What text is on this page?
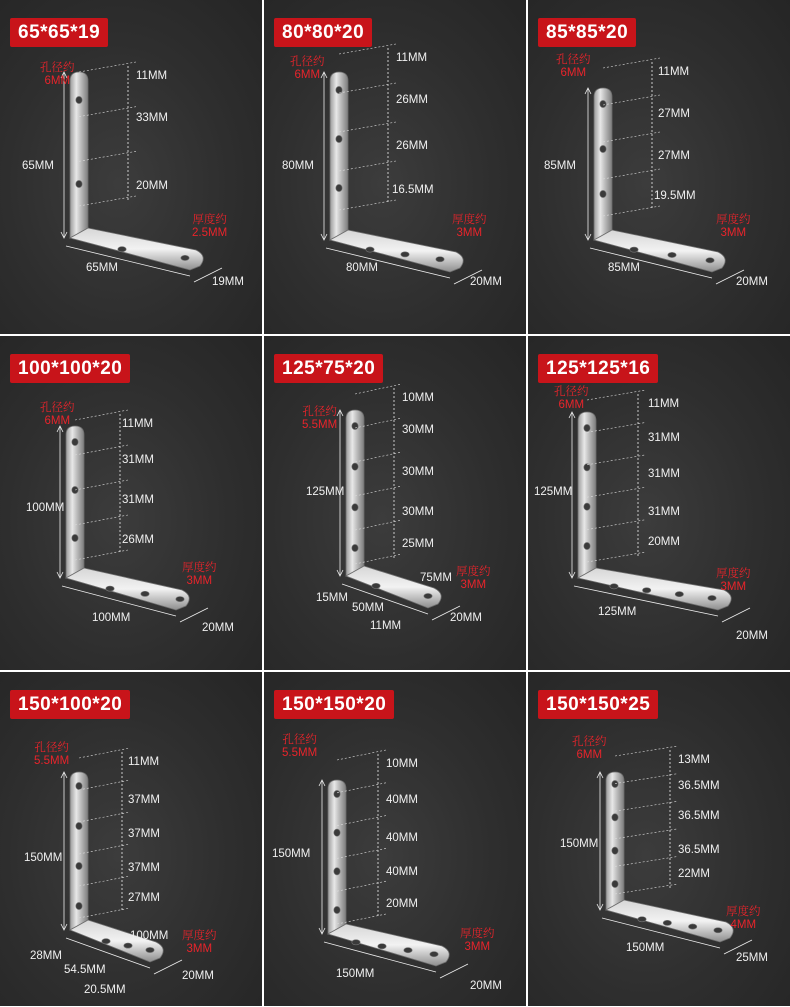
65*65*19
孔径约
6MM
厚度约
2.5MM
65MM
65MM
19MM
11MM
33MM
20MM
80*80*20
孔径约
6MM
厚度约
3MM
80MM
80MM
20MM
11MM
26MM
26MM
16.5MM
85*85*20
孔径约
6MM
厚度约
3MM
85MM
85MM
20MM
11MM
27MM
27MM
19.5MM
100*100*20
孔径约
6MM
厚度约
3MM
100MM
100MM
20MM
11MM
31MM
31MM
26MM
125*75*20
孔径约
5.5MM
厚度约
3MM
125MM
75MM
20MM
10MM
30MM
30MM
30MM
25MM
15MM
50MM
11MM
125*125*16
孔径约
6MM
厚度约
3MM
125MM
125MM
20MM
11MM
31MM
31MM
31MM
20MM
150*100*20
孔径约
5.5MM
厚度约
3MM
150MM
100MM
20MM
11MM
37MM
37MM
37MM
27MM
28MM
54.5MM
20.5MM
150*150*20
孔径约
5.5MM
厚度约
3MM
150MM
150MM
20MM
10MM
40MM
40MM
40MM
20MM
150*150*25
孔径约
6MM
厚度约
4MM
150MM
150MM
25MM
13MM
36.5MM
36.5MM
36.5MM
22MM
